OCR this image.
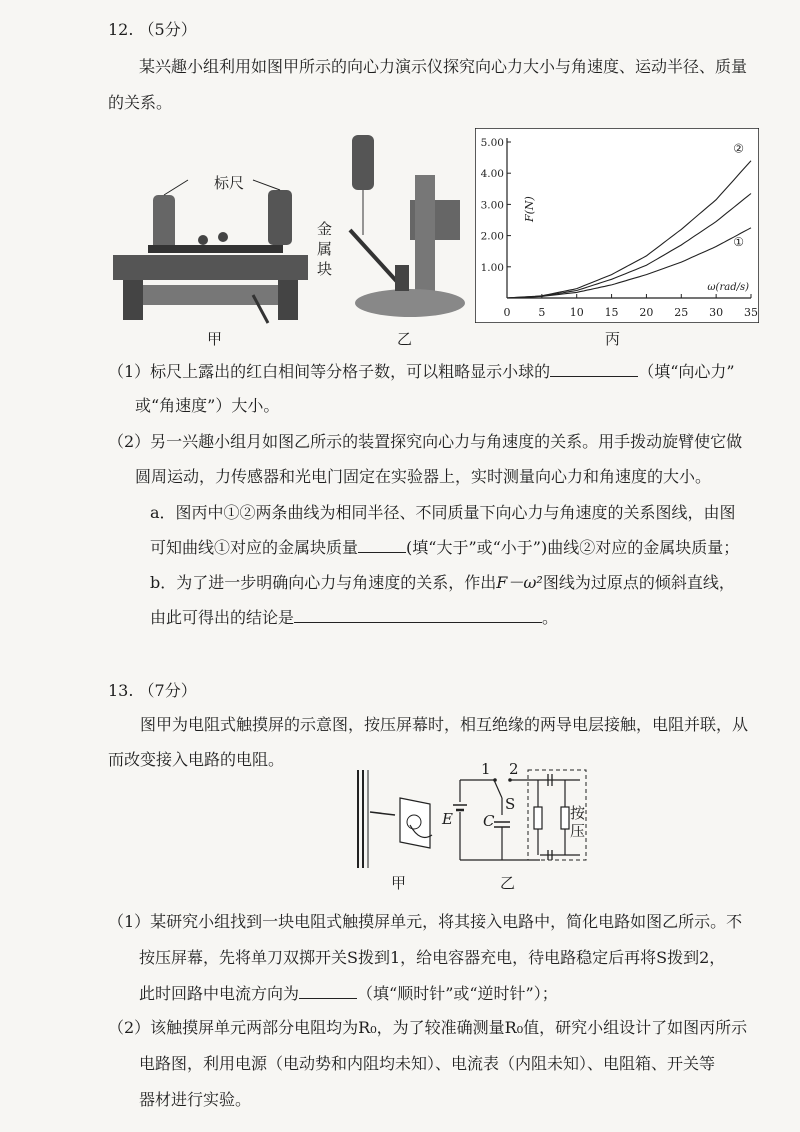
12. （5分）
某兴趣小组利用如图甲所示的向心力演示仪探究向心力大小与角速度、运动半径、质量
的关系。
标尺
甲
金
属
块
乙
0	5 10 15 20 25 30 35
1.00
2.00
3.00
4.00
5.00
F(N)
ω(rad/s)
①
②
丙
（1）标尺上露出的红白相间等分格子数，可以粗略显示小球的	（填“向心力”
或“角速度”）大小。
（2）另一兴趣小组月如图乙所示的装置探究向心力与角速度的关系。用手拨动旋臂使它做
圆周运动，力传感器和光电门固定在实验器上，实时测量向心力和角速度的大小。
a．图丙中①②两条曲线为相同半径、不同质量下向心力与角速度的关系图线，由图
可知曲线①对应的金属块质量	(填“大于”或“小于”)曲线②对应的金属块质量；
b．为了进一步明确向心力与角速度的关系，作出F－ω²图线为过原点的倾斜直线，
由此可得出的结论是	。
13. （7分）
图甲为电阻式触摸屏的示意图，按压屏幕时，相互绝缘的两导电层接触，电阻并联，从
而改变接入电路的电阻。
甲
1 2
S
E C	按
压
乙
（1）某研究小组找到一块电阻式触摸屏单元，将其接入电路中，简化电路如图乙所示。不
按压屏幕，先将单刀双掷开关S拨到1，给电容器充电，待电路稳定后再将S拨到2，
此时回路中电流方向为	（填“顺时针”或“逆时针”）；
（2）该触摸屏单元两部分电阻均为R₀，为了较准确测量R₀值，研究小组设计了如图丙所示
电路图，利用电源（电动势和内阻均未知）、电流表（内阻未知）、电阻箱、开关等
器材进行实验。
